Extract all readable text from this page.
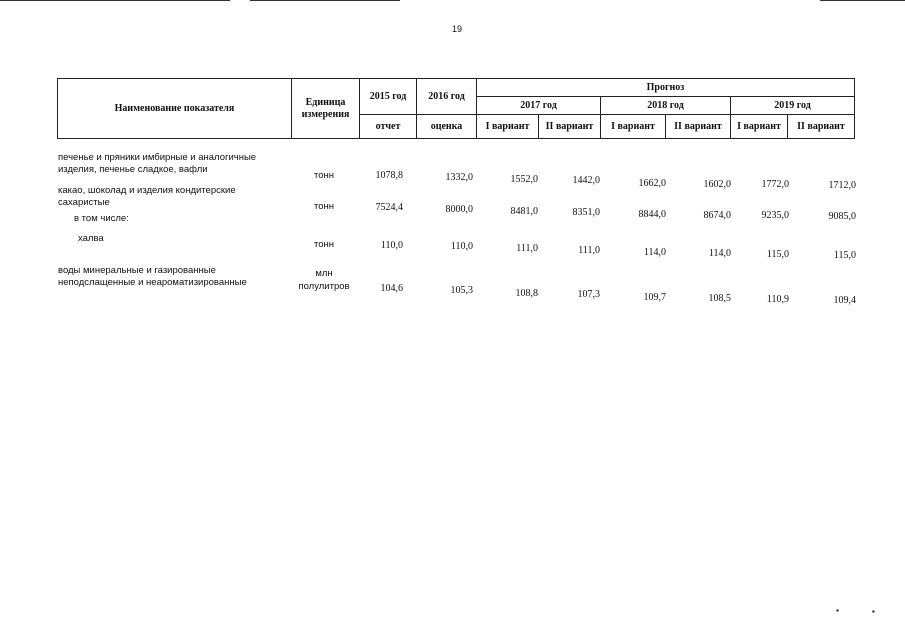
19
Наименование показателя	Единица измерения	2015 год	2016 год	Прогноз					
				2017 год		2018 год		2019 год	
		отчет	оценка	I вариант	II вариант	I вариант	II вариант	I вариант	II вариант
печенье и пряники имбирные и аналогичные
изделия, печенье сладкое, вафли
тонн	1078,8	1332,0	1552,0	1442,0	1662,0	1602,0	1772,0	1712,0
какао, шоколад и изделия кондитерские
сахаристые	тонн	7524,4	8000,0	8481,0	8351,0	8844,0	8674,0	9235,0	9085,0
в том числе:
халва
тонн	110,0	110,0	111,0	111,0	114,0	114,0	115,0	115,0
воды минеральные и газированные
неподслащенные и неароматизированные
млн
полулитров	104,6	105,3	108,8	107,3	109,7	108,5	110,9	109,4
▪	▪
